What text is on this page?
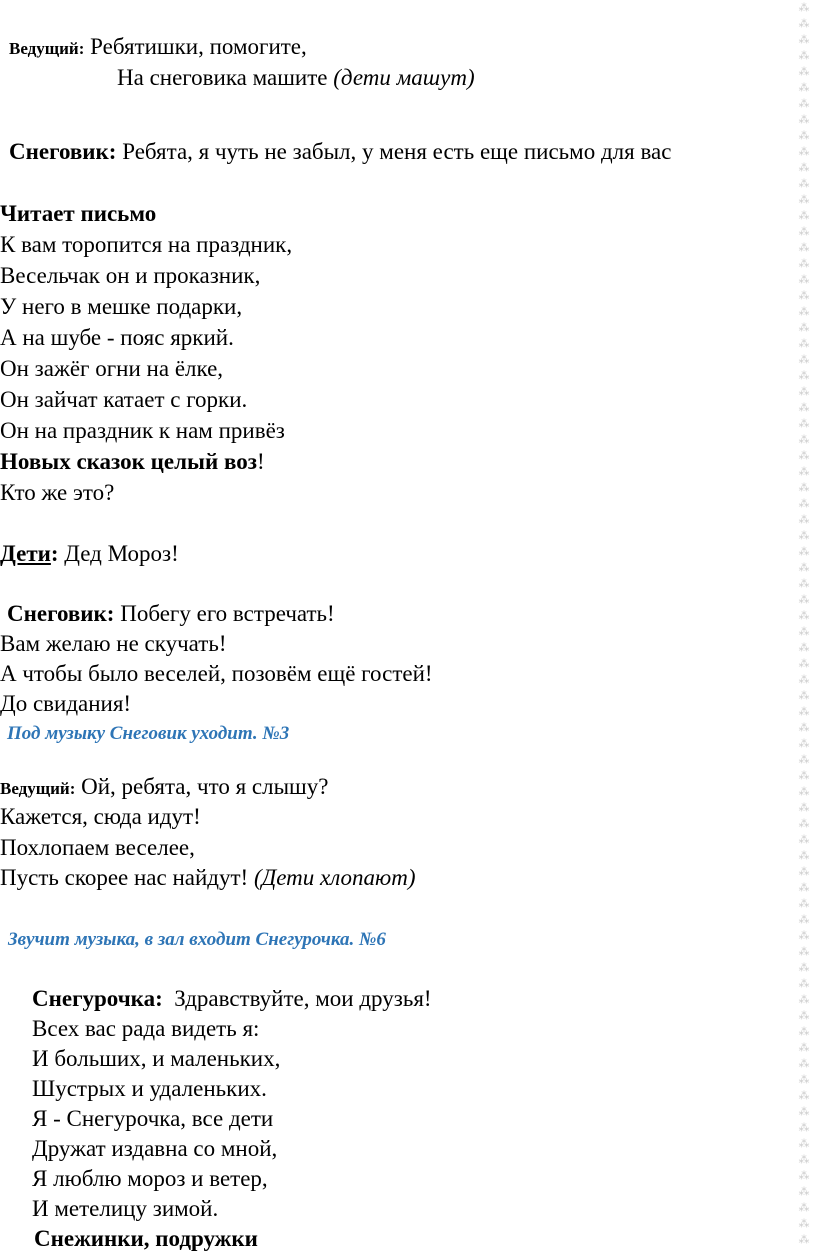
Ведущий: Ребятишки, помогите,
На снеговика машите (дети машут)
Снеговик: Ребята, я чуть не забыл, у меня есть еще письмо для вас
Читает письмо
К вам торопится на праздник,
Весельчак он и проказник,
У него в мешке подарки,
А на шубе - пояс яркий.
Он зажёг огни на ёлке,
Он зайчат катает с горки.
Он на праздник к нам привёз
Новых сказок целый воз!
Кто же это?
Дети: Дед Мороз!
Снеговик: Побегу его встречать!
Вам желаю не скучать!
А чтобы было веселей, позовём ещё гостей!
До свидания!
Под музыку Снеговик уходит. №3
Ведущий: Ой, ребята, что я слышу?
Кажется, сюда идут!
Похлопаем веселее,
Пусть скорее нас найдут! (Дети хлопают)
Звучит музыка, в зал входит Снегурочка. №6
Снегурочка: Здравствуйте, мои друзья!
Всех вас рада видеть я:
И больших, и маленьких,
Шустрых и удаленьких.
Я - Снегурочка, все дети
Дружат издавна со мной,
Я люблю мороз и ветер,
И метелицу зимой.
Снежинки, подружки
⁂
⁂
⁂
⁂
⁂
⁂
⁂
⁂
⁂
⁂
⁂
⁂
⁂
⁂
⁂
⁂
⁂
⁂
⁂
⁂
⁂
⁂
⁂
⁂
⁂
⁂
⁂
⁂
⁂
⁂
⁂
⁂
⁂
⁂
⁂
⁂
⁂
⁂
⁂
⁂
⁂
⁂
⁂
⁂
⁂
⁂
⁂
⁂
⁂
⁂
⁂
⁂
⁂
⁂
⁂
⁂
⁂
⁂
⁂
⁂
⁂
⁂
⁂
⁂
⁂
⁂
⁂
⁂
⁂
⁂
⁂
⁂
⁂
⁂
⁂
⁂
⁂
⁂
